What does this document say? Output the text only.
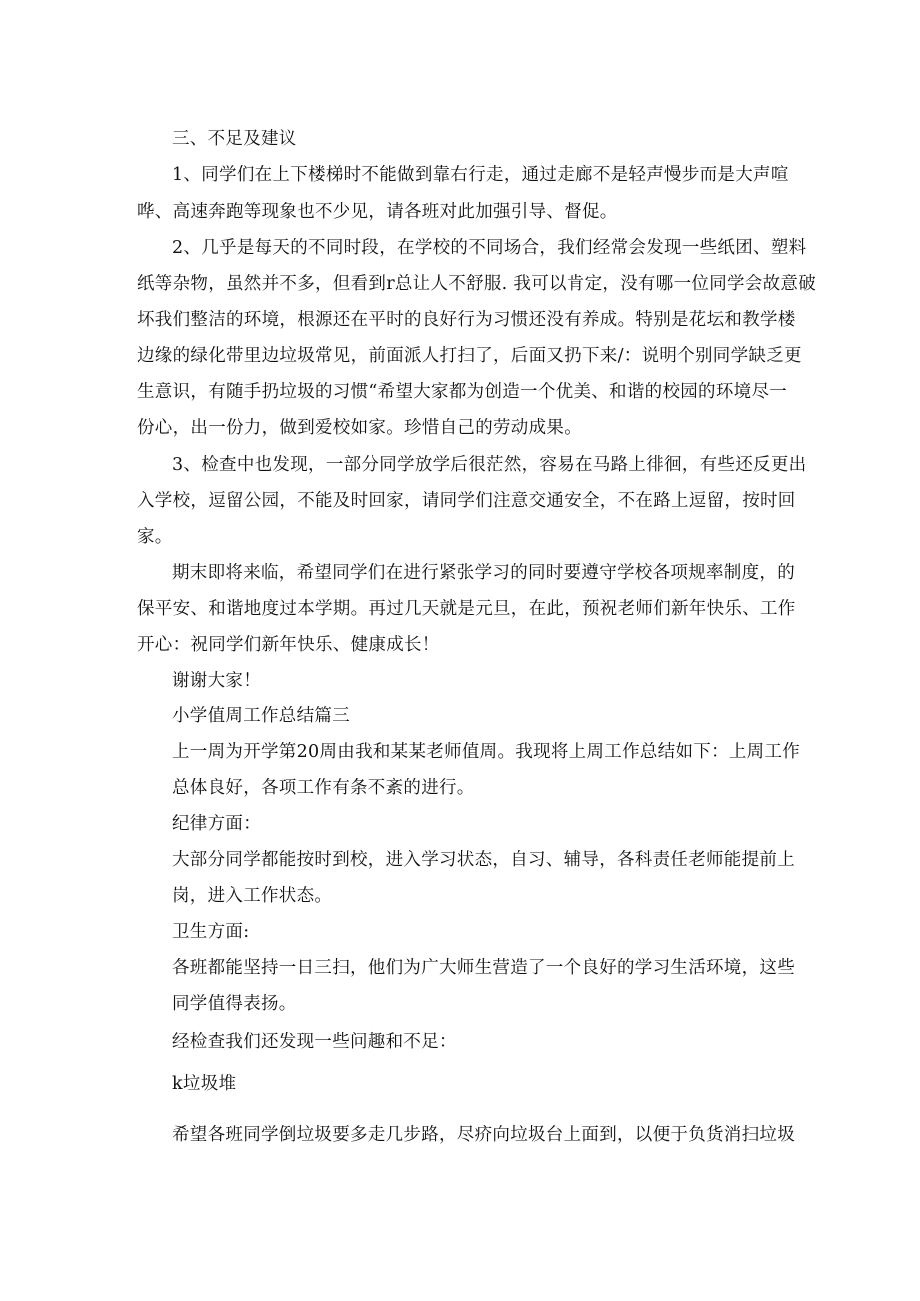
三、不足及建议
1、同学们在上下楼梯时不能做到靠右行走，通过走廊不是轻声慢步而是大声喧
哗、高速奔跑等现象也不少见，请各班对此加强引导、督促。
2、几乎是每天的不同时段，在学校的不同场合，我们经常会发现一些纸团、塑料
纸等杂物，虽然并不多，但看到r总让人不舒服. 我可以肯定，没有哪一位同学会故意破
坏我们整洁的环境，根源还在平时的良好行为习惯还没有养成。特别是花坛和教学楼
边缘的绿化带里边垃圾常见，前面派人打扫了，后面又扔下来/：说明个别同学缺乏更
生意识，有随手扔垃圾的习惯“希望大家都为创造一个优美、和谐的校园的环境尽一
份心，出一份力，做到爱校如家。珍惜自己的劳动成果。
3、检查中也发现，一部分同学放学后很茫然，容易在马路上徘徊，有些还反更出
入学校，逗留公园，不能及时回家，请同学们注意交通安全，不在路上逗留，按时回
家。
期末即将来临，希望同学们在进行紧张学习的同时要遵守学校各项规率制度，的
保平安、和谐地度过本学期。再过几天就是元旦，在此，预祝老师们新年快乐、工作
开心：祝同学们新年快乐、健康成长！
谢谢大家！
小学值周工作总结篇三
上一周为开学第20周由我和某某老师值周。我现将上周工作总结如下：上周工作
总体良好，各项工作有条不紊的进行。
纪律方面：
大部分同学都能按时到校，进入学习状态，自习、辅导，各科责任老师能提前上
岗，进入工作状态。
卫生方面:
各班都能坚持一日三扫，他们为广大师生营造了一个良好的学习生活环境，这些
同学值得表扬。
经检查我们还发现一些问趣和不足：
k垃圾堆
希望各班同学倒垃圾要多走几步路，尽疥向垃圾台上面到，以便于负货消扫垃圾
